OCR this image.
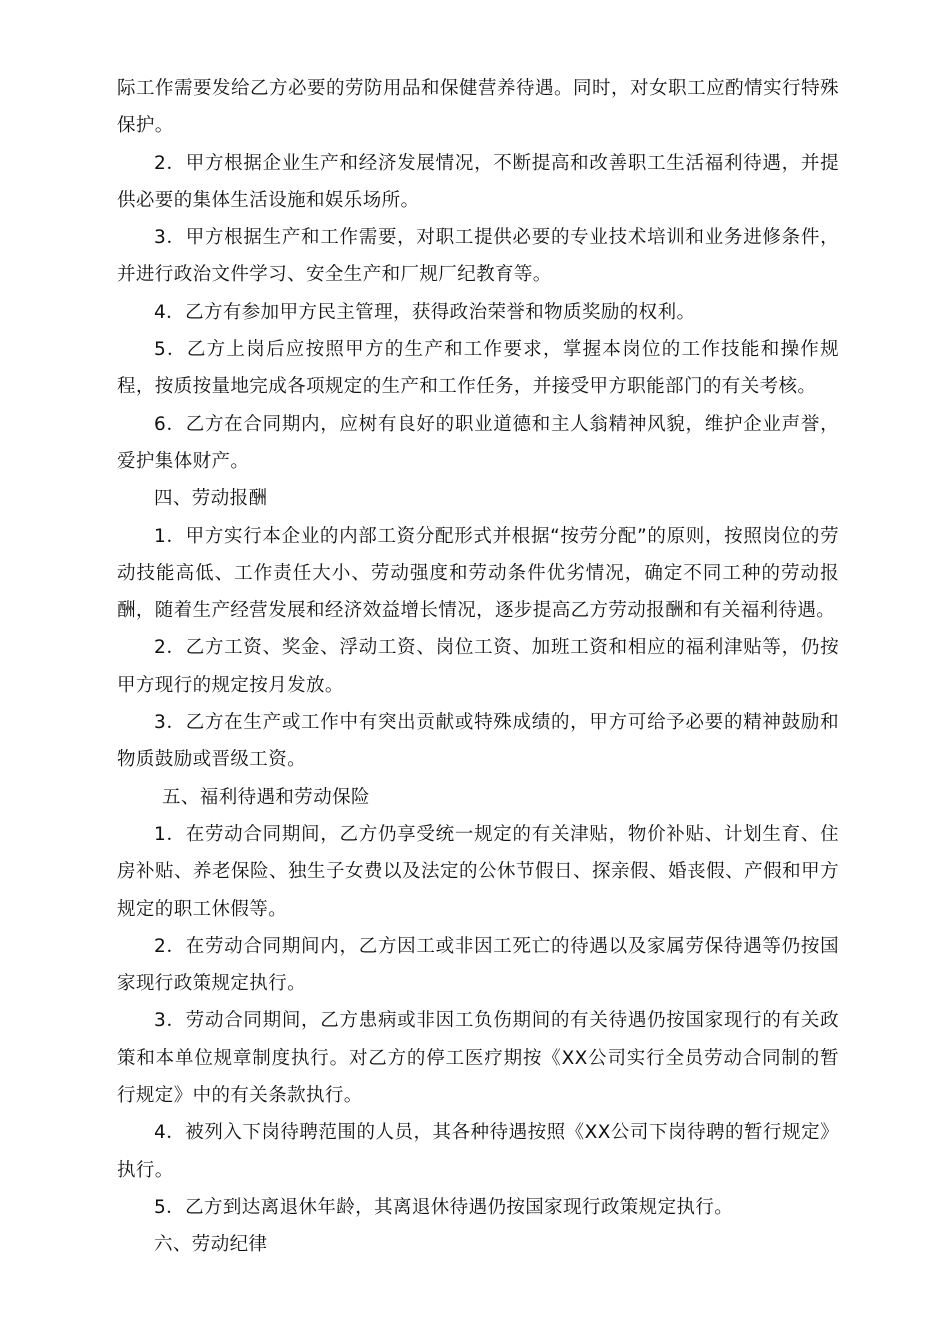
际工作需要发给乙方必要的劳防用品和保健营养待遇。同时，对女职工应酌情实行特殊保护。

2．甲方根据企业生产和经济发展情况，不断提高和改善职工生活福利待遇，并提供必要的集体生活设施和娱乐场所。

3．甲方根据生产和工作需要，对职工提供必要的专业技术培训和业务进修条件，并进行政治文件学习、安全生产和厂规厂纪教育等。

4．乙方有参加甲方民主管理，获得政治荣誉和物质奖励的权利。

5．乙方上岗后应按照甲方的生产和工作要求，掌握本岗位的工作技能和操作规程，按质按量地完成各项规定的生产和工作任务，并接受甲方职能部门的有关考核。

6．乙方在合同期内，应树有良好的职业道德和主人翁精神风貌，维护企业声誉，爱护集体财产。

四、劳动报酬

1．甲方实行本企业的内部工资分配形式并根据“按劳分配”的原则，按照岗位的劳动技能高低、工作责任大小、劳动强度和劳动条件优劣情况，确定不同工种的劳动报酬，随着生产经营发展和经济效益增长情况，逐步提高乙方劳动报酬和有关福利待遇。

2．乙方工资、奖金、浮动工资、岗位工资、加班工资和相应的福利津贴等，仍按甲方现行的规定按月发放。

3．乙方在生产或工作中有突出贡献或特殊成绩的，甲方可给予必要的精神鼓励和物质鼓励或晋级工资。

五、福利待遇和劳动保险

1．在劳动合同期间，乙方仍享受统一规定的有关津贴，物价补贴、计划生育、住房补贴、养老保险、独生子女费以及法定的公休节假日、探亲假、婚丧假、产假和甲方规定的职工休假等。

2．在劳动合同期间内，乙方因工或非因工死亡的待遇以及家属劳保待遇等仍按国家现行政策规定执行。

3．劳动合同期间，乙方患病或非因工负伤期间的有关待遇仍按国家现行的有关政策和本单位规章制度执行。对乙方的停工医疗期按《XX公司实行全员劳动合同制的暂行规定》中的有关条款执行。

4．被列入下岗待聘范围的人员，其各种待遇按照《XX公司下岗待聘的暂行规定》执行。

5．乙方到达离退休年龄，其离退休待遇仍按国家现行政策规定执行。

六、劳动纪律
